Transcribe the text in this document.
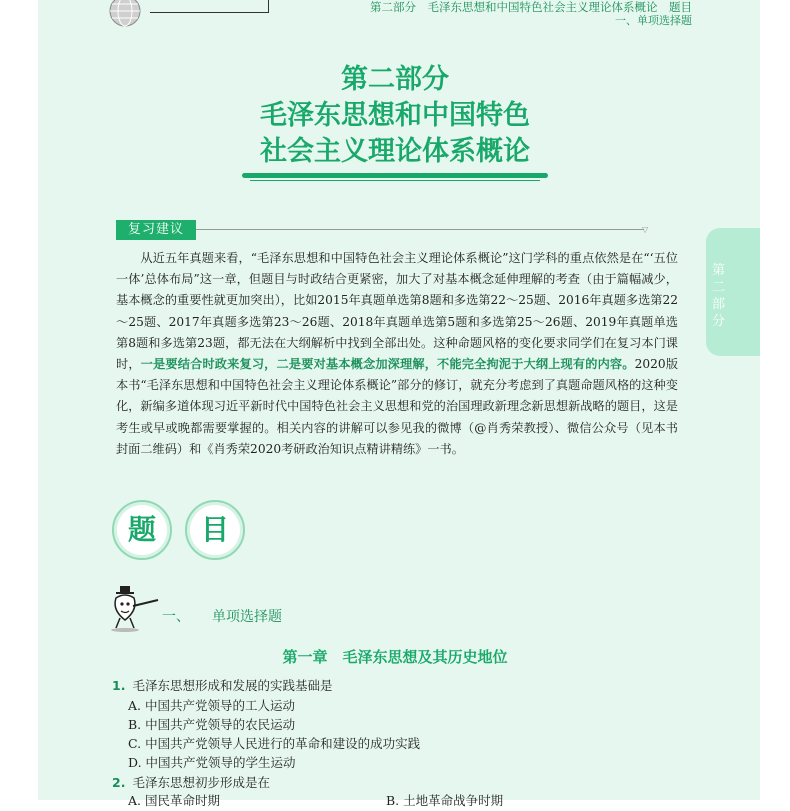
第二部分　毛泽东思想和中国特色社会主义理论体系概论　题目
一、单项选择题
第二部分
毛泽东思想和中国特色
社会主义理论体系概论
复习建议	▽
第二部分

从近五年真题来看，“毛泽东思想和中国特色社会主义理论体系概论”这门学科的重点依然是在“‘五位一体’总体布局”这一章，但题目与时政结合更紧密，加大了对基本概念延伸理解的考查（由于篇幅减少，基本概念的重要性就更加突出），比如2015年真题单选第8题和多选第22～25题、2016年真题多选第22～25题、2017年真题多选第23～26题、2018年真题单选第5题和多选第25～26题、2019年真题单选第8题和多选第23题，都无法在大纲解析中找到全部出处。这种命题风格的变化要求同学们在复习本门课时，一是要结合时政来复习，二是要对基本概念加深理解，不能完全拘泥于大纲上现有的内容。2020版本书“毛泽东思想和中国特色社会主义理论体系概论”部分的修订，就充分考虑到了真题命题风格的这种变化，新编多道体现习近平新时代中国特色社会主义思想和党的治国理政新理念新思想新战略的题目，这是考生或早或晚都需要掌握的。相关内容的讲解可以参见我的微博（@肖秀荣教授）、微信公众号（见本书封面二维码）和《肖秀荣2020考研政治知识点精讲精练》一书。

题	目
一、 单项选择题
第一章　毛泽东思想及其历史地位
1. 毛泽东思想形成和发展的实践基础是
A. 中国共产党领导的工人运动
B. 中国共产党领导的农民运动
C. 中国共产党领导人民进行的革命和建设的成功实践
D. 中国共产党领导的学生运动
2. 毛泽东思想初步形成是在
A. 国民革命时期	B. 土地革命战争时期
